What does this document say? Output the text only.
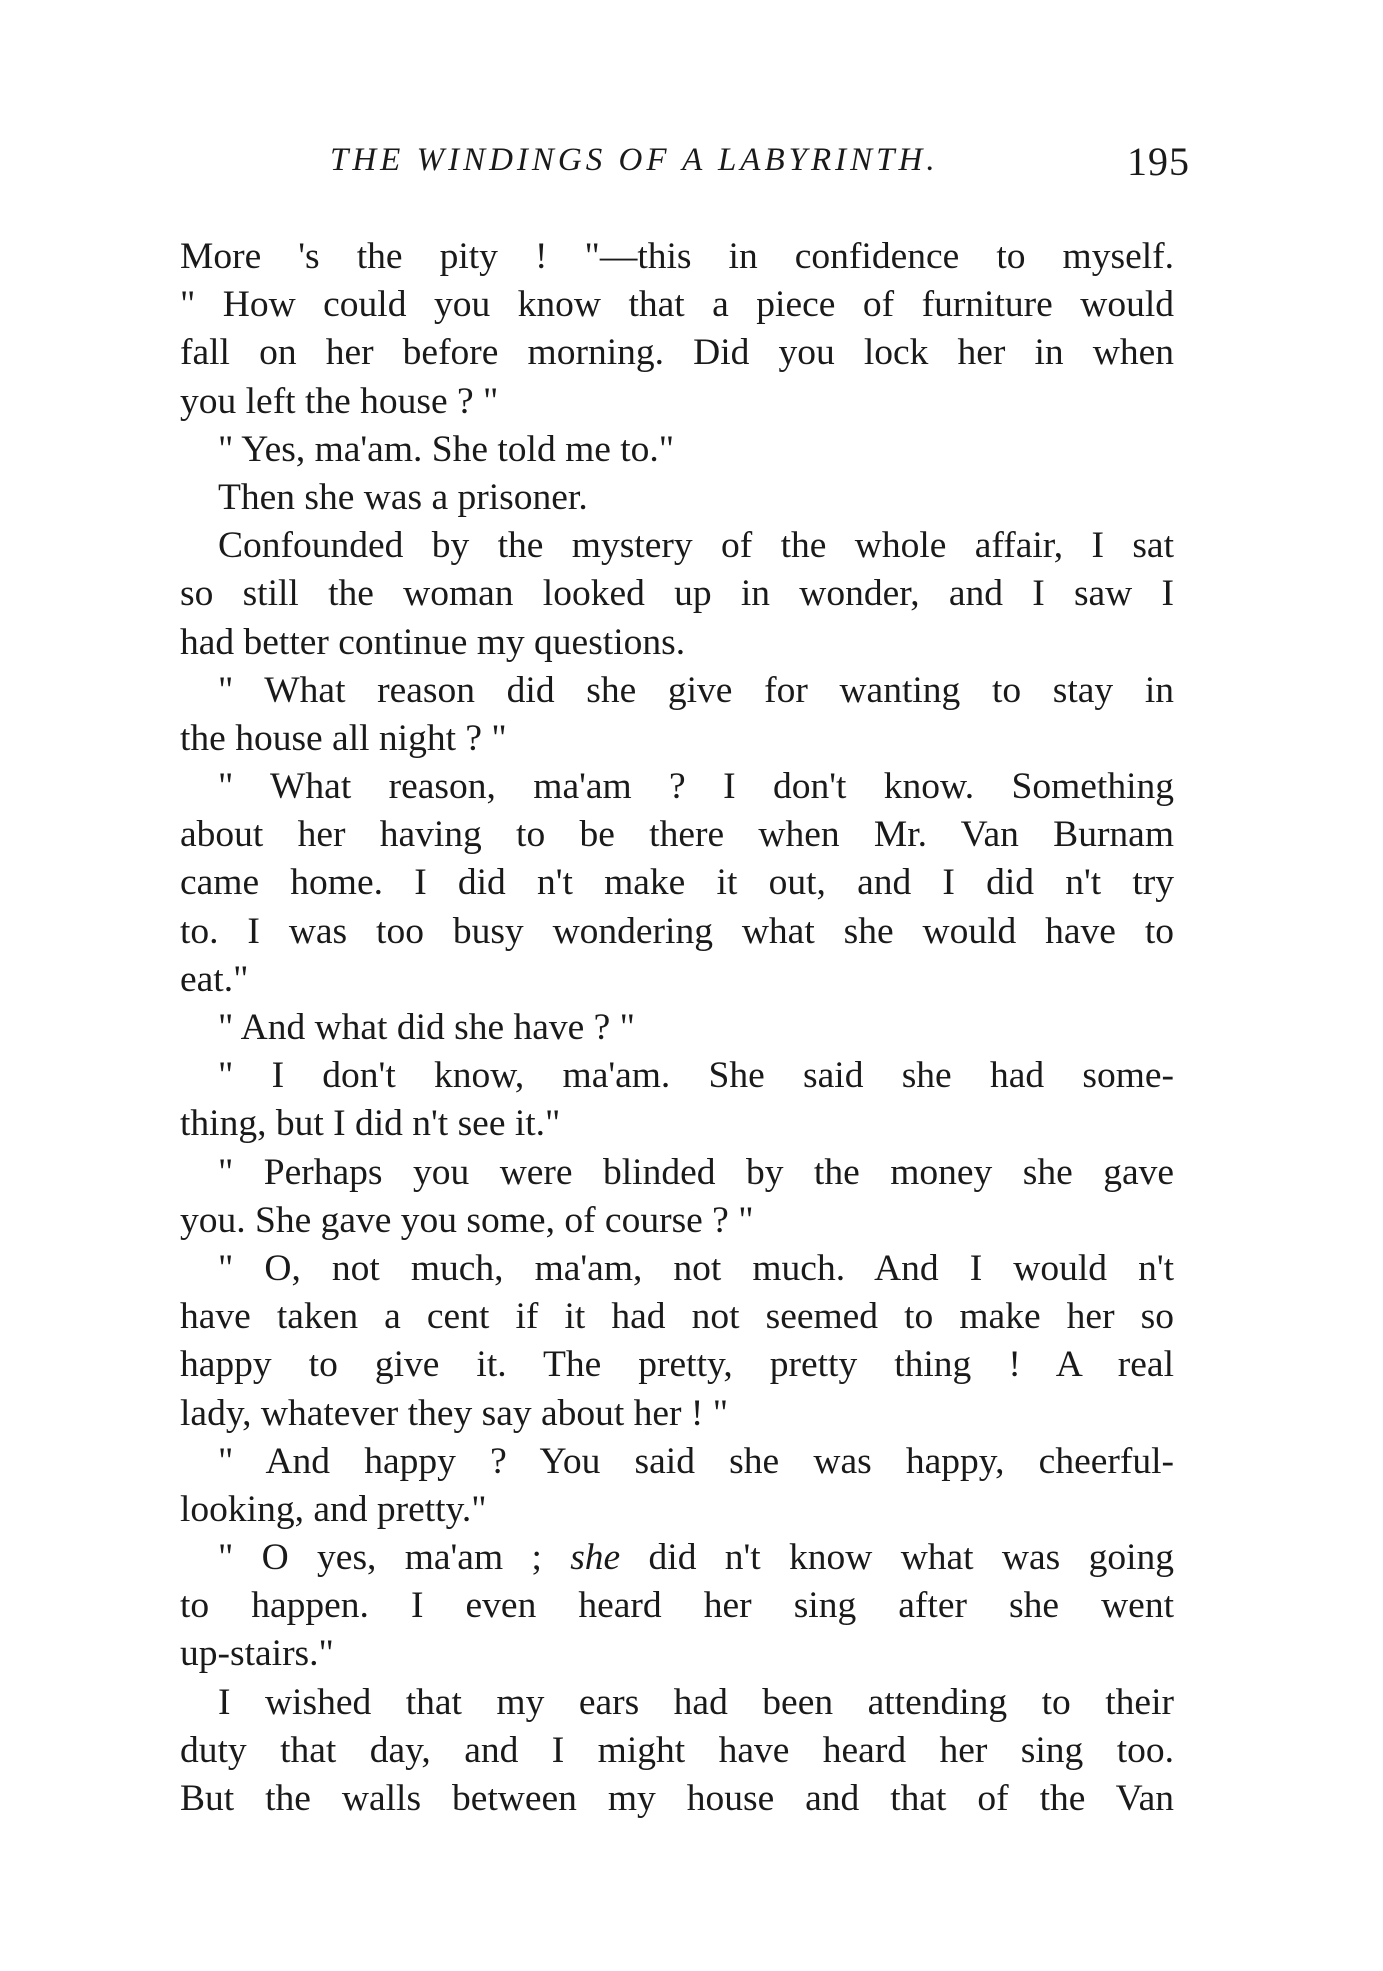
THE WINDINGS OF A LABYRINTH.	195
More 's the pity ! "—this in confidence to myself.
" How could you know that a piece of furniture would
fall on her before morning. Did you lock her in when
you left the house ? "
" Yes, ma'am. She told me to."
Then she was a prisoner.
Confounded by the mystery of the whole affair, I sat
so still the woman looked up in wonder, and I saw I
had better continue my questions.
" What reason did she give for wanting to stay in
the house all night ? "
" What reason, ma'am ? I don't know. Something
about her having to be there when Mr. Van Burnam
came home. I did n't make it out, and I did n't try
to. I was too busy wondering what she would have to
eat."
" And what did she have ? "
" I don't know, ma'am. She said she had some-
thing, but I did n't see it."
" Perhaps you were blinded by the money she gave
you. She gave you some, of course ? "
" O, not much, ma'am, not much. And I would n't
have taken a cent if it had not seemed to make her so
happy to give it. The pretty, pretty thing ! A real
lady, whatever they say about her ! "
" And happy ? You said she was happy, cheerful-
looking, and pretty."
" O yes, ma'am ; she did n't know what was going
to happen. I even heard her sing after she went
up-stairs."
I wished that my ears had been attending to their
duty that day, and I might have heard her sing too.
But the walls between my house and that of the Van
